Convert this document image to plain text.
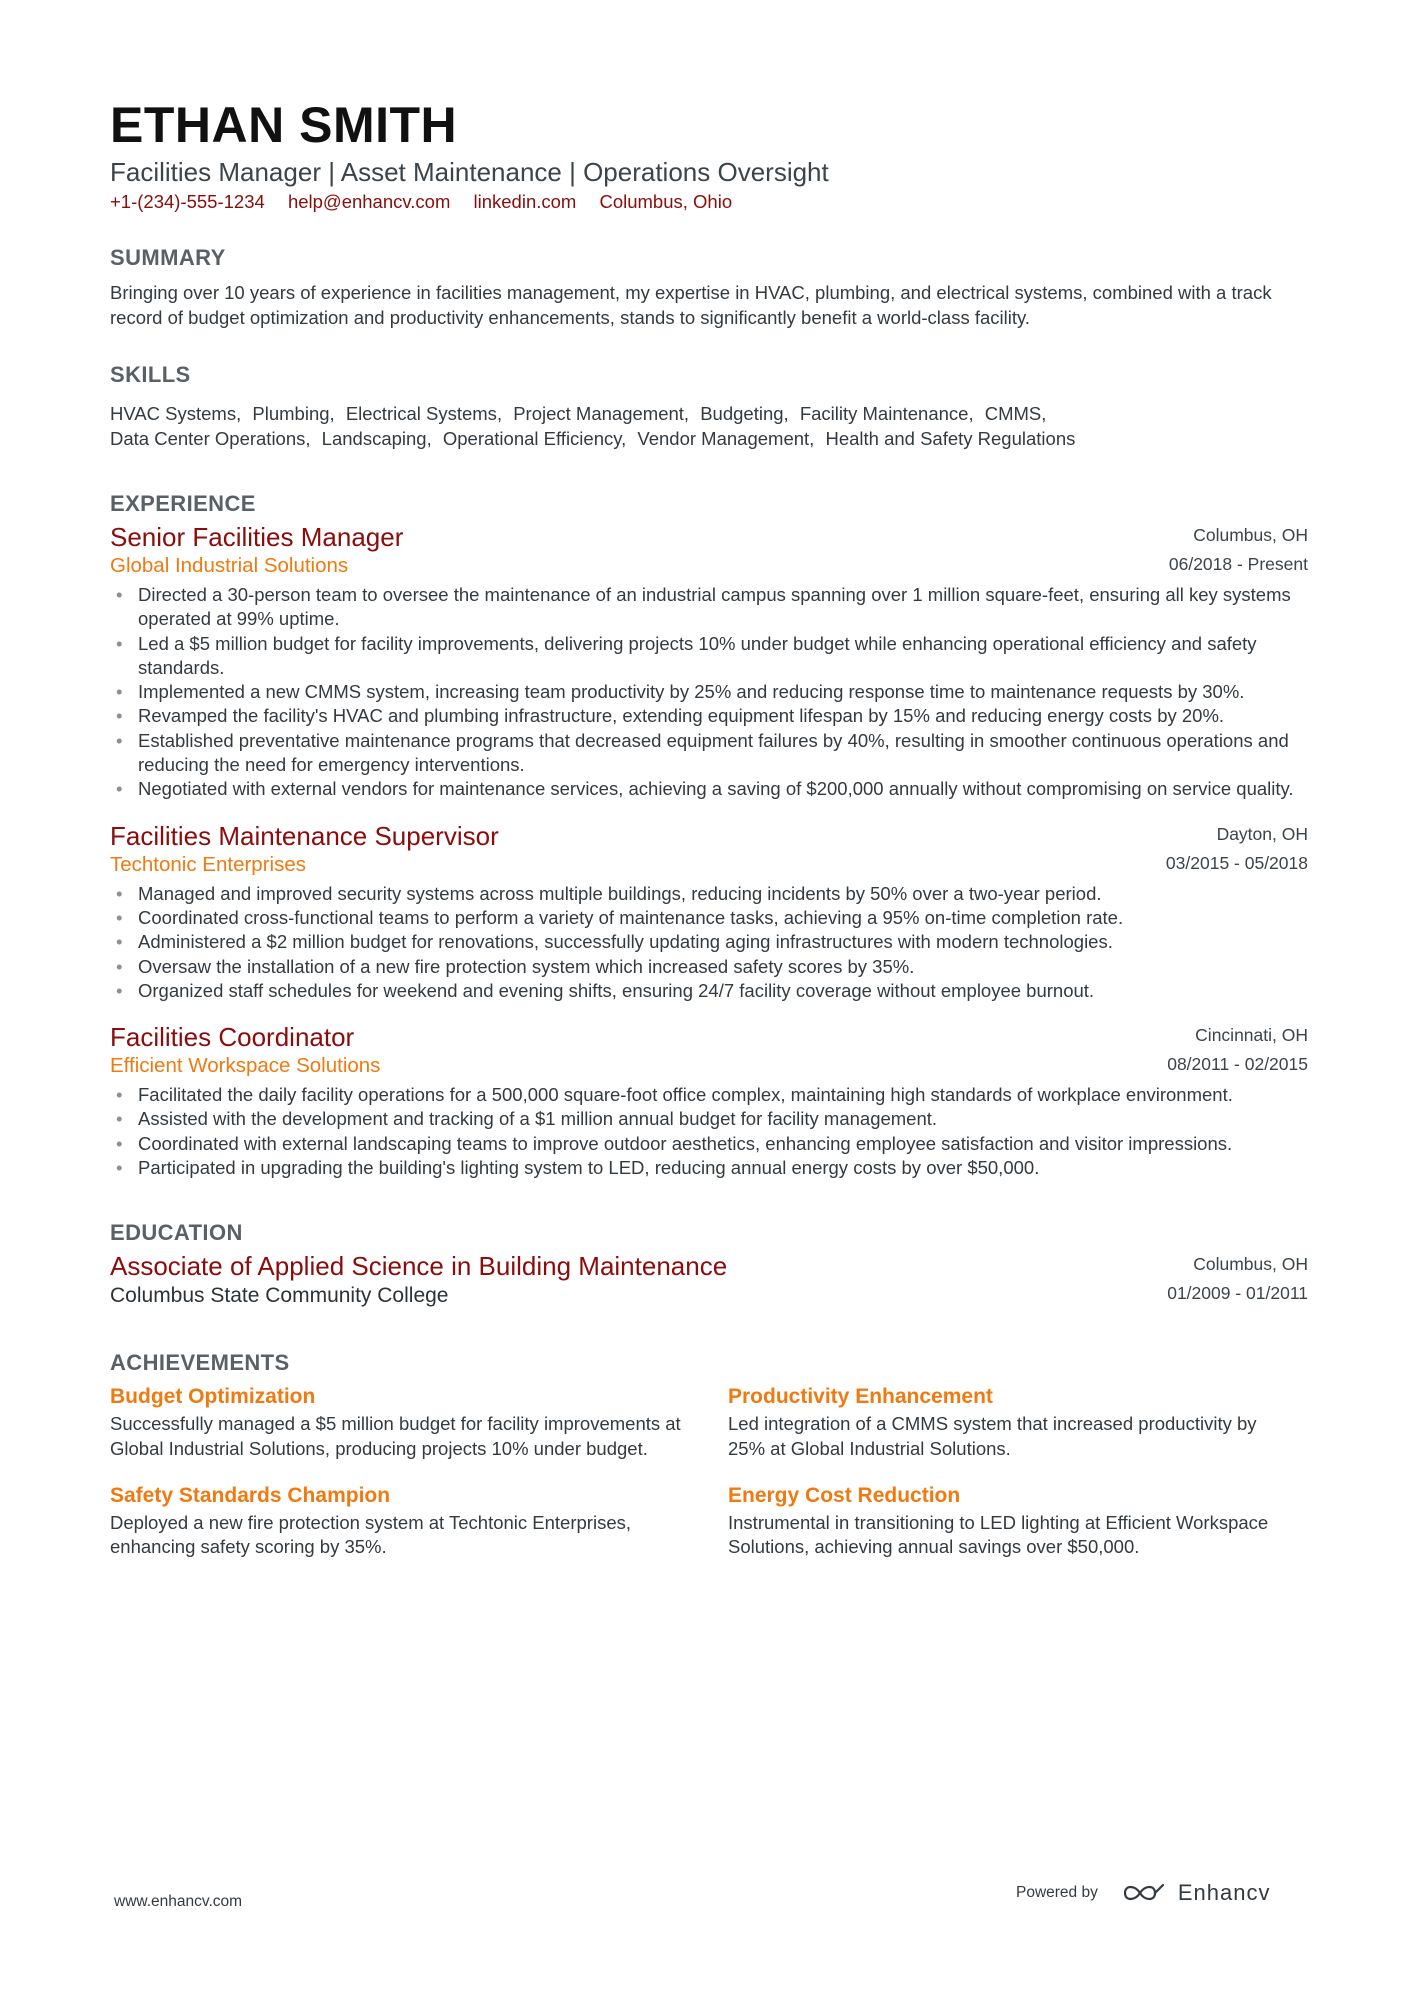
ETHAN SMITH
Facilities Manager | Asset Maintenance | Operations Oversight
+1-(234)-555-1234 help@enhancv.com linkedin.com Columbus, Ohio
SUMMARY
Bringing over 10 years of experience in facilities management, my expertise in HVAC, plumbing, and electrical systems, combined with a track record of budget optimization and productivity enhancements, stands to significantly benefit a world-class facility.
SKILLS
HVAC Systems , Plumbing , Electrical Systems , Project Management , Budgeting , Facility Maintenance , CMMS ,
Data Center Operations , Landscaping , Operational Efficiency , Vendor Management , Health and Safety Regulations
EXPERIENCE
Senior Facilities Manager
Global Industrial Solutions
Columbus, OH
06/2018 - Present
• Directed a 30-person team to oversee the maintenance of an industrial campus spanning over 1 million square-feet, ensuring all key systems operated at 99% uptime.
• Led a $5 million budget for facility improvements, delivering projects 10% under budget while enhancing operational efficiency and safety standards.
• Implemented a new CMMS system, increasing team productivity by 25% and reducing response time to maintenance requests by 30%.
• Revamped the facility's HVAC and plumbing infrastructure, extending equipment lifespan by 15% and reducing energy costs by 20%.
• Established preventative maintenance programs that decreased equipment failures by 40%, resulting in smoother continuous operations and reducing the need for emergency interventions.
• Negotiated with external vendors for maintenance services, achieving a saving of $200,000 annually without compromising on service quality.
Facilities Maintenance Supervisor
Techtonic Enterprises
Dayton, OH
03/2015 - 05/2018
• Managed and improved security systems across multiple buildings, reducing incidents by 50% over a two-year period.
• Coordinated cross-functional teams to perform a variety of maintenance tasks, achieving a 95% on-time completion rate.
• Administered a $2 million budget for renovations, successfully updating aging infrastructures with modern technologies.
• Oversaw the installation of a new fire protection system which increased safety scores by 35%.
• Organized staff schedules for weekend and evening shifts, ensuring 24/7 facility coverage without employee burnout.
Facilities Coordinator
Efficient Workspace Solutions
Cincinnati, OH
08/2011 - 02/2015
• Facilitated the daily facility operations for a 500,000 square-foot office complex, maintaining high standards of workplace environment.
• Assisted with the development and tracking of a $1 million annual budget for facility management.
• Coordinated with external landscaping teams to improve outdoor aesthetics, enhancing employee satisfaction and visitor impressions.
• Participated in upgrading the building's lighting system to LED, reducing annual energy costs by over $50,000.
EDUCATION
Associate of Applied Science in Building Maintenance
Columbus State Community College
Columbus, OH
01/2009 - 01/2011
ACHIEVEMENTS
Budget Optimization
Successfully managed a $5 million budget for facility improvements at Global Industrial Solutions, producing projects 10% under budget.
Productivity Enhancement
Led integration of a CMMS system that increased productivity by 25% at Global Industrial Solutions.
Safety Standards Champion
Deployed a new fire protection system at Techtonic Enterprises, enhancing safety scoring by 35%.
Energy Cost Reduction
Instrumental in transitioning to LED lighting at Efficient Workspace Solutions, achieving annual savings over $50,000.
www.enhancv.com
Powered by	Enhancv
